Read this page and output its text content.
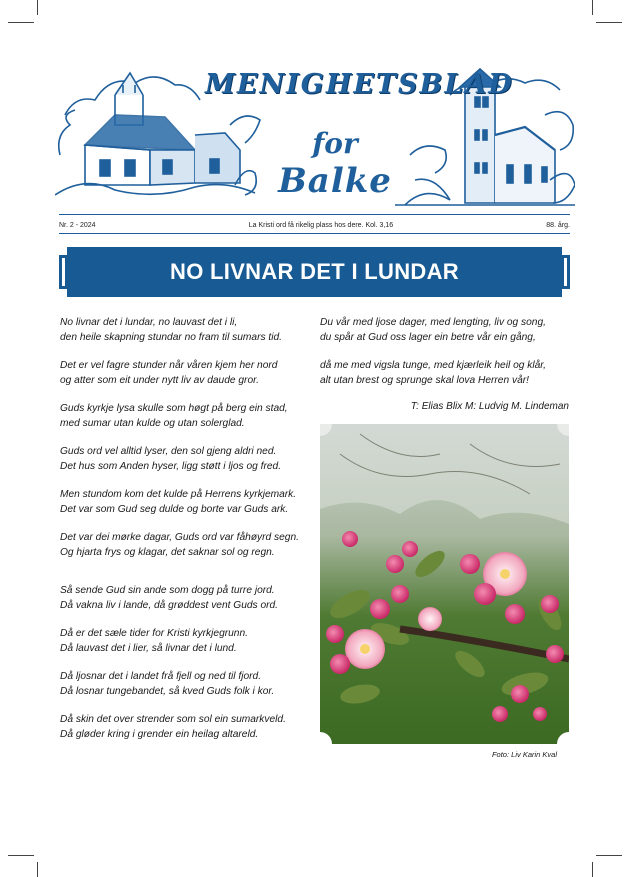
MENIGHETSBLAD
for
Balke
Nr. 2 - 2024	La Kristi ord få rikelig plass hos dere. Kol. 3,16	88. årg.
NO LIVNAR DET I LUNDAR

No livnar det i lundar, no lauvast det i li,
den heile skapning stundar no fram til sumars tid.

Det er vel fagre stunder når våren kjem her nord
og atter som eit under nytt liv av daude gror.

Guds kyrkje lysa skulle som høgt på berg ein stad,
med sumar utan kulde og utan solerglad.

Guds ord vel alltid lyser, den sol gjeng aldri ned.
Det hus som Anden hyser, ligg støtt i ljos og fred.

Men stundom kom det kulde på Herrens kyrkjemark.
Det var som Gud seg dulde og borte var Guds ark.

Det var dei mørke dagar, Guds ord var fåhøyrd segn.
Og hjarta frys og klagar, det saknar sol og regn.

Så sende Gud sin ande som dogg på turre jord.
Då vakna liv i lande, då grøddest vent Guds ord.

Då er det sæle tider for Kristi kyrkjegrunn.
Då lauvast det i lier, så livnar det i lund.

Då ljosnar det i landet frå fjell og ned til fjord.
Då losnar tungebandet, så kved Guds folk i kor.

Då skin det over strender som sol ein sumarkveld.
Då gløder kring i grender ein heilag altareld.

Du vår med ljose dager, med lengting, liv og song,
du spår at Gud oss lager ein betre vår ein gång,

då me med vigsla tunge, med kjærleik heil og klår,
alt utan brest og sprunge skal lova Herren vår!

T: Elias Blix M: Ludvig M. Lindeman
Foto: Liv Karin Kval
